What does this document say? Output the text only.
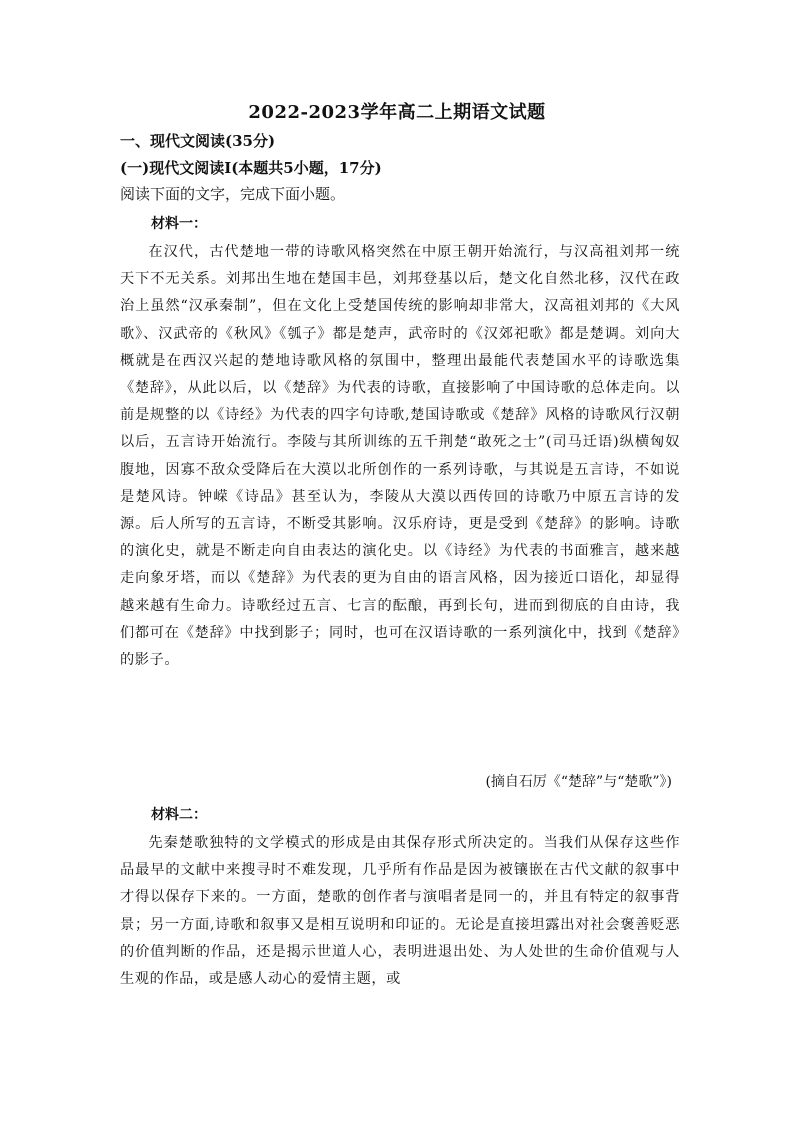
2022-2023学年高二上期语文试题
一、现代文阅读(35分)
(一)现代文阅读I(本题共5小题，17分)
阅读下面的文字，完成下面小题。
材料一：
在汉代，古代楚地一带的诗歌风格突然在中原王朝开始流行，与汉高祖刘邦一统天下不无关系。刘邦出生地在楚国丰邑，刘邦登基以后，楚文化自然北移，汉代在政治上虽然“汉承秦制”，但在文化上受楚国传统的影响却非常大，汉高祖刘邦的《大风歌》、汉武帝的《秋风》《瓠子》都是楚声，武帝时的《汉郊祀歌》都是楚调。刘向大概就是在西汉兴起的楚地诗歌风格的氛围中，整理出最能代表楚国水平的诗歌选集《楚辞》，从此以后，以《楚辞》为代表的诗歌，直接影响了中国诗歌的总体走向。以前是规整的以《诗经》为代表的四字句诗歌,楚国诗歌或《楚辞》风格的诗歌风行汉朝以后，五言诗开始流行。李陵与其所训练的五千荆楚“敢死之士”(司马迁语)纵横匈奴腹地，因寡不敌众受降后在大漠以北所创作的一系列诗歌，与其说是五言诗，不如说是楚风诗。钟嵘《诗品》甚至认为，李陵从大漠以西传回的诗歌乃中原五言诗的发源。后人所写的五言诗，不断受其影响。汉乐府诗，更是受到《楚辞》的影响。诗歌的演化史，就是不断走向自由表达的演化史。以《诗经》为代表的书面雅言，越来越走向象牙塔，而以《楚辞》为代表的更为自由的语言风格，因为接近口语化，却显得越来越有生命力。诗歌经过五言、七言的酝酿，再到长句，进而到彻底的自由诗，我们都可在《楚辞》中找到影子；同时，也可在汉语诗歌的一系列演化中，找到《楚辞》的影子。
(摘自石厉《“楚辞”与“楚歌”》)
材料二：
先秦楚歌独特的文学模式的形成是由其保存形式所决定的。当我们从保存这些作品最早的文献中来搜寻时不难发现，几乎所有作品是因为被镶嵌在古代文献的叙事中才得以保存下来的。一方面，楚歌的创作者与演唱者是同一的，并且有特定的叙事背景；另一方面,诗歌和叙事又是相互说明和印证的。无论是直接坦露出对社会褒善贬恶的价值判断的作品，还是揭示世道人心，表明进退出处、为人处世的生命价值观与人生观的作品，或是感人动心的爱情主题，或
